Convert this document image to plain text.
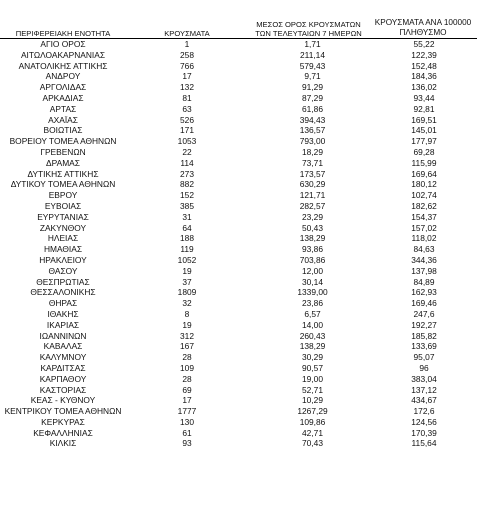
ΠΕΡΙΦΕΡΕΙΑΚΗ ΕΝΟΤΗΤΑ	ΚΡΟΥΣΜΑΤΑ	ΜΕΣΟΣ ΟΡΟΣ ΚΡΟΥΣΜΑΤΩΝ
ΤΩΝ ΤΕΛΕΥΤΑΙΩΝ 7 ΗΜΕΡΩΝ	ΚΡΟΥΣΜΑΤΑ ΑΝΑ 100000
ΠΛΗΘΥΣΜΟ
ΑΓΙΟ ΟΡΟΣ	1	1,71	55,22
ΑΙΤΩΛΟΑΚΑΡΝΑΝΙΑΣ	258	211,14	122,39
ΑΝΑΤΟΛΙΚΗΣ ΑΤΤΙΚΗΣ	766	579,43	152,48
ΑΝΔΡΟΥ	17	9,71	184,36
ΑΡΓΟΛΙΔΑΣ	132	91,29	136,02
ΑΡΚΑΔΙΑΣ	81	87,29	93,44
ΑΡΤΑΣ	63	61,86	92,81
ΑΧΑΪΑΣ	526	394,43	169,51
ΒΟΙΩΤΙΑΣ	171	136,57	145,01
ΒΟΡΕΙΟΥ ΤΟΜΕΑ ΑΘΗΝΩΝ	1053	793,00	177,97
ΓΡΕΒΕΝΩΝ	22	18,29	69,28
ΔΡΑΜΑΣ	114	73,71	115,99
ΔΥΤΙΚΗΣ ΑΤΤΙΚΗΣ	273	173,57	169,64
ΔΥΤΙΚΟΥ ΤΟΜΕΑ ΑΘΗΝΩΝ	882	630,29	180,12
ΕΒΡΟΥ	152	121,71	102,74
ΕΥΒΟΙΑΣ	385	282,57	182,62
ΕΥΡΥΤΑΝΙΑΣ	31	23,29	154,37
ΖΑΚΥΝΘΟΥ	64	50,43	157,02
ΗΛΕΙΑΣ	188	138,29	118,02
ΗΜΑΘΙΑΣ	119	93,86	84,63
ΗΡΑΚΛΕΙΟΥ	1052	703,86	344,36
ΘΑΣΟΥ	19	12,00	137,98
ΘΕΣΠΡΩΤΙΑΣ	37	30,14	84,89
ΘΕΣΣΑΛΟΝΙΚΗΣ	1809	1339,00	162,93
ΘΗΡΑΣ	32	23,86	169,46
ΙΘΑΚΗΣ	8	6,57	247,6
ΙΚΑΡΙΑΣ	19	14,00	192,27
ΙΩΑΝΝΙΝΩΝ	312	260,43	185,82
ΚΑΒΑΛΑΣ	167	138,29	133,69
ΚΑΛΥΜΝΟΥ	28	30,29	95,07
ΚΑΡΔΙΤΣΑΣ	109	90,57	96
ΚΑΡΠΑΘΟΥ	28	19,00	383,04
ΚΑΣΤΟΡΙΑΣ	69	52,71	137,12
ΚΕΑΣ - ΚΥΘΝΟΥ	17	10,29	434,67
ΚΕΝΤΡΙΚΟΥ ΤΟΜΕΑ ΑΘΗΝΩΝ	1777	1267,29	172,6
ΚΕΡΚΥΡΑΣ	130	109,86	124,56
ΚΕΦΑΛΛΗΝΙΑΣ	61	42,71	170,39
ΚΙΛΚΙΣ	93	70,43	115,64
